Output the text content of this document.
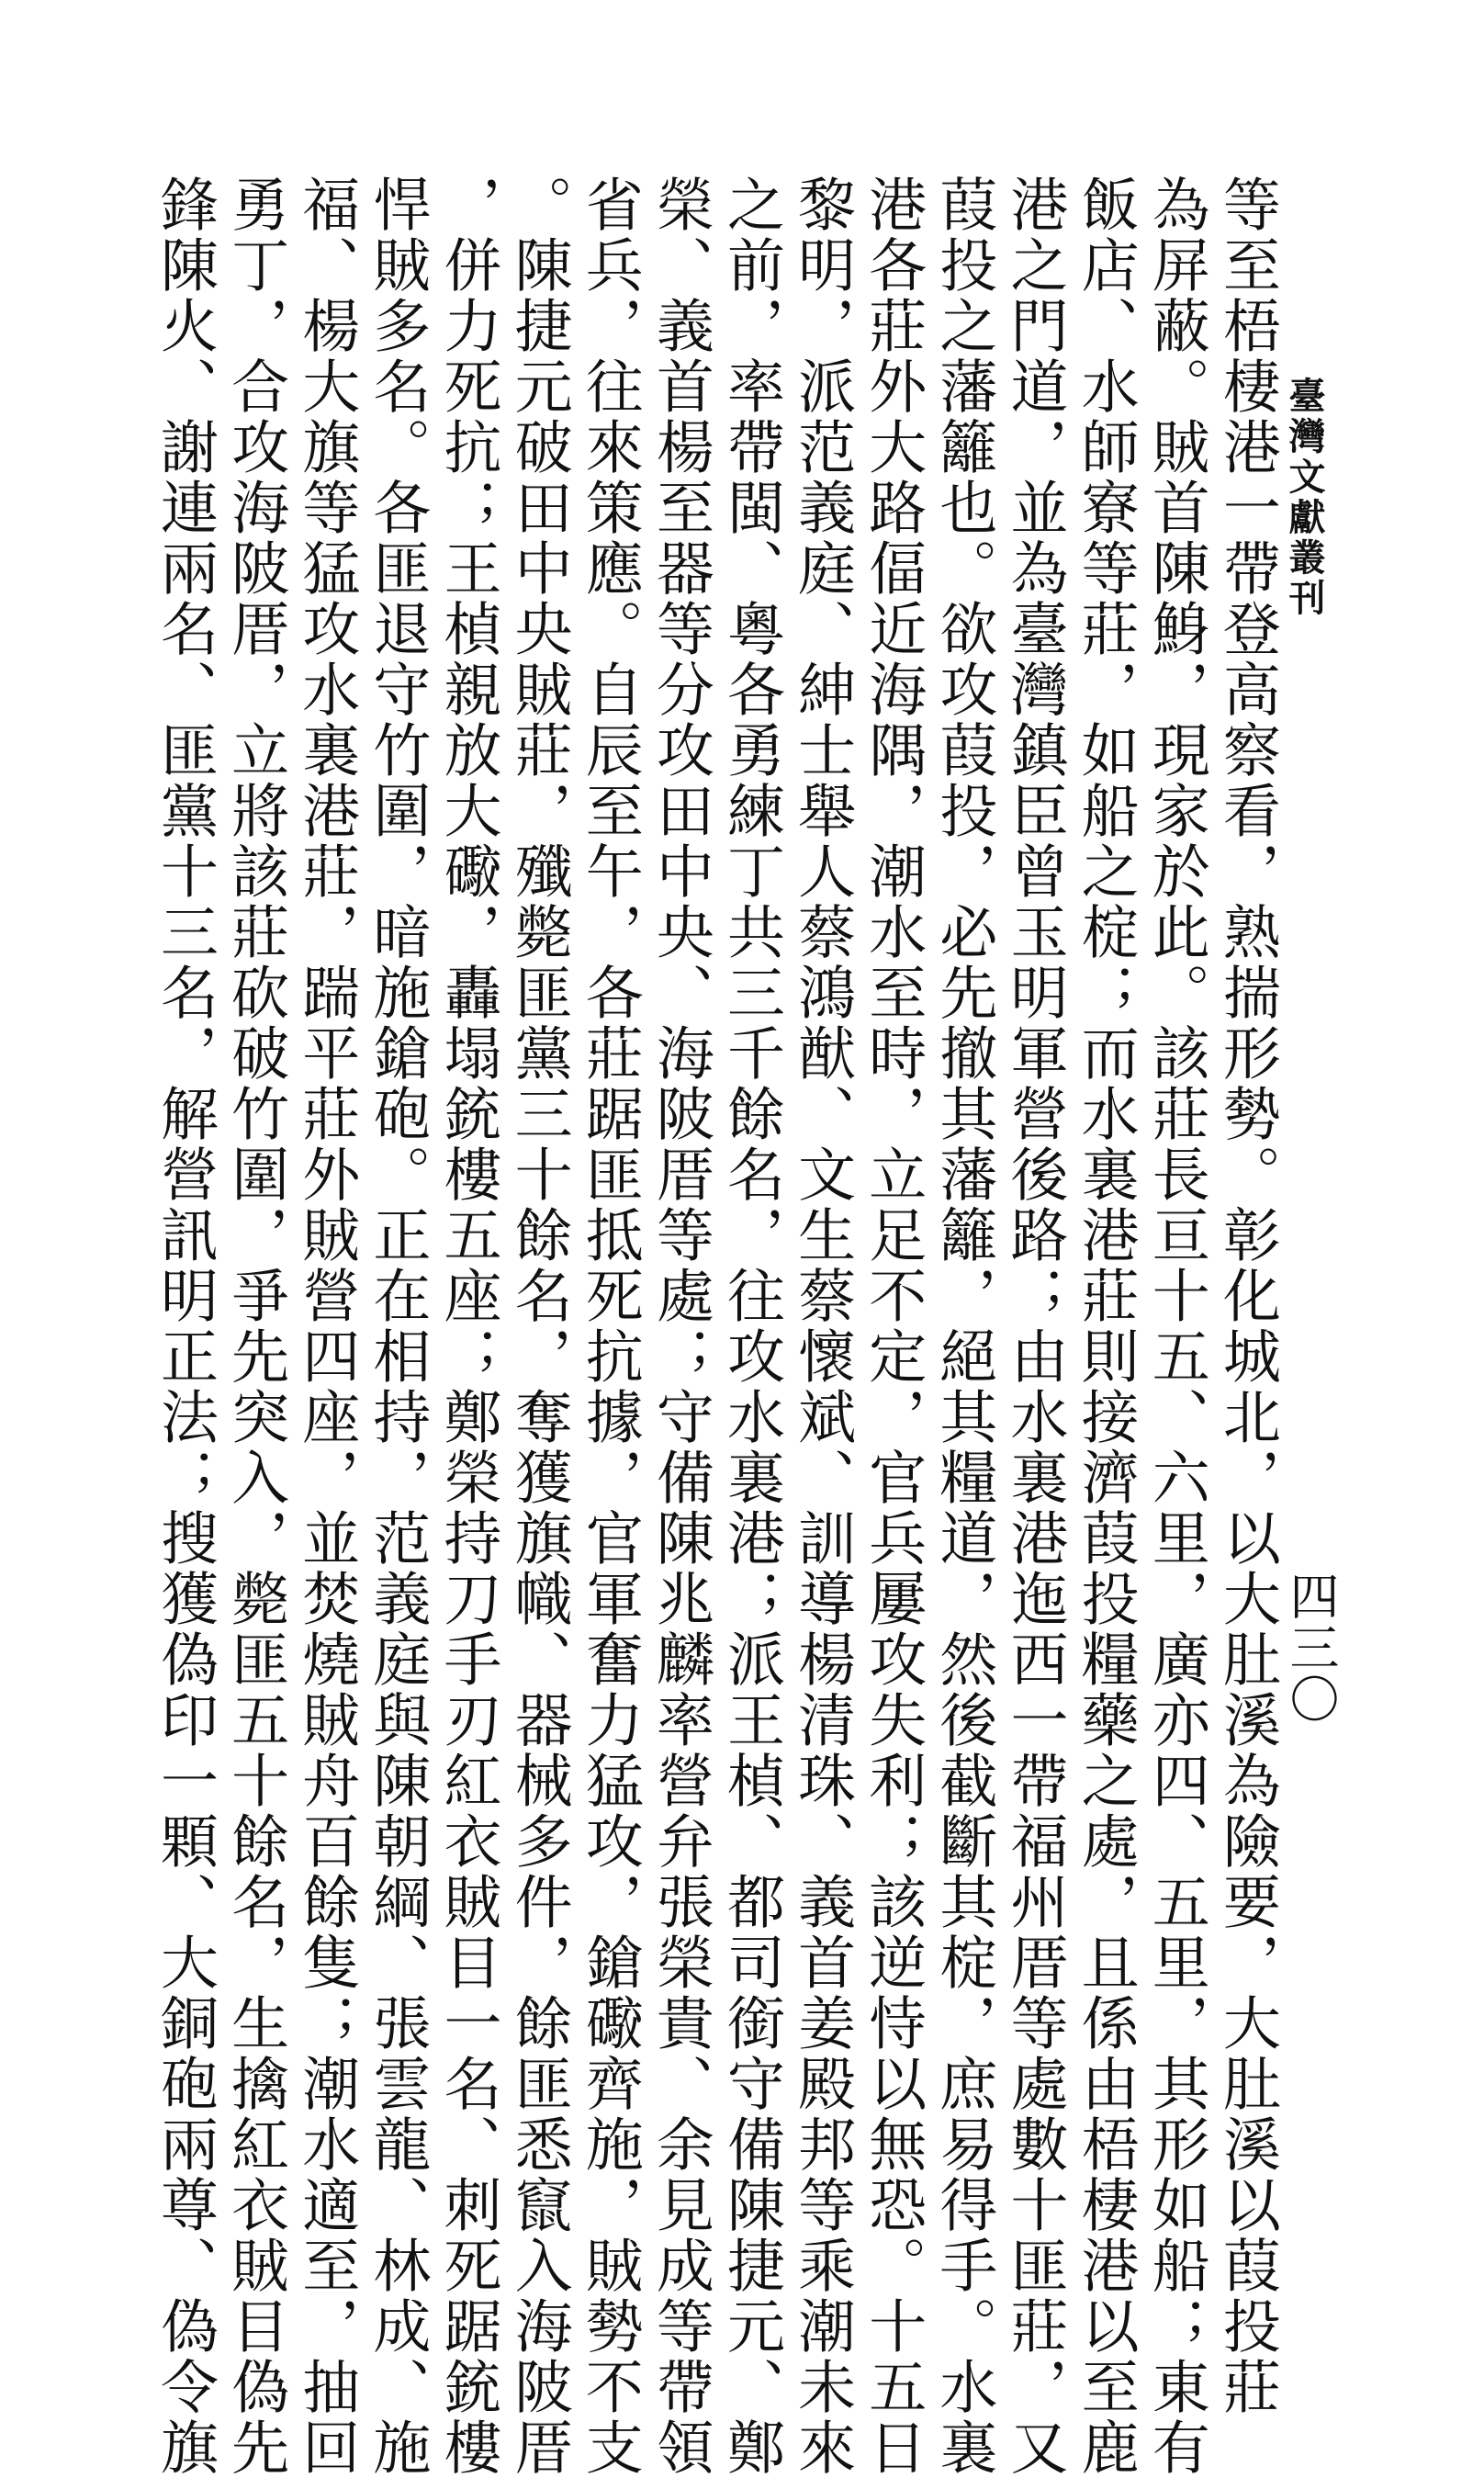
臺灣文獻叢刊
四三〇
等至梧棲港一帶登高察看，熟揣形勢。彰化城北，以大肚溪為險要，大肚溪以葭投莊
為屏蔽。賊首陳鯓，現家於此。該莊長亘十五、六里，廣亦四、五里，其形如船；東有
飯店、水師寮等莊，如船之椗；而水裏港莊則接濟葭投糧藥之處，且係由梧棲港以至鹿
港之門道，並為臺灣鎮臣曾玉明軍營後路；由水裏港迤西一帶福州厝等處數十匪莊，又
葭投之藩籬也。欲攻葭投，必先撤其藩籬，絕其糧道，然後截斷其椗，庶易得手。水裏
港各莊外大路偪近海隅，潮水至時，立足不定，官兵屢攻失利；該逆恃以無恐。十五日
黎明，派范義庭、紳士舉人蔡鴻猷、文生蔡懷斌、訓導楊清珠、義首姜殿邦等乘潮未來
之前，率帶閩、粵各勇練丁共三千餘名，往攻水裏港；派王楨、都司銜守備陳捷元、鄭
榮、義首楊至器等分攻田中央、海陂厝等處；守備陳兆麟率營弁張榮貴、余見成等帶領
省兵，往來策應。自辰至午，各莊踞匪抵死抗據，官軍奮力猛攻，鎗礮齊施，賊勢不支
。陳捷元破田中央賊莊，殲斃匪黨三十餘名，奪獲旗幟、器械多件，餘匪悉竄入海陂厝
，併力死抗；王楨親放大礮，轟塌銃樓五座；鄭榮持刀手刃紅衣賊目一名、刺死踞銃樓
悍賊多名。各匪退守竹圍，暗施鎗砲。正在相持，范義庭與陳朝綱、張雲龍、林成、施
福、楊大旗等猛攻水裏港莊，踹平莊外賊營四座，並焚燒賊舟百餘隻；潮水適至，抽回
勇丁，合攻海陂厝，立將該莊砍破竹圍，爭先突入，斃匪五十餘名，生擒紅衣賊目偽先
鋒陳火、謝連兩名、匪黨十三名，解營訊明正法；搜獲偽印一顆、大銅砲兩尊、偽令旗
